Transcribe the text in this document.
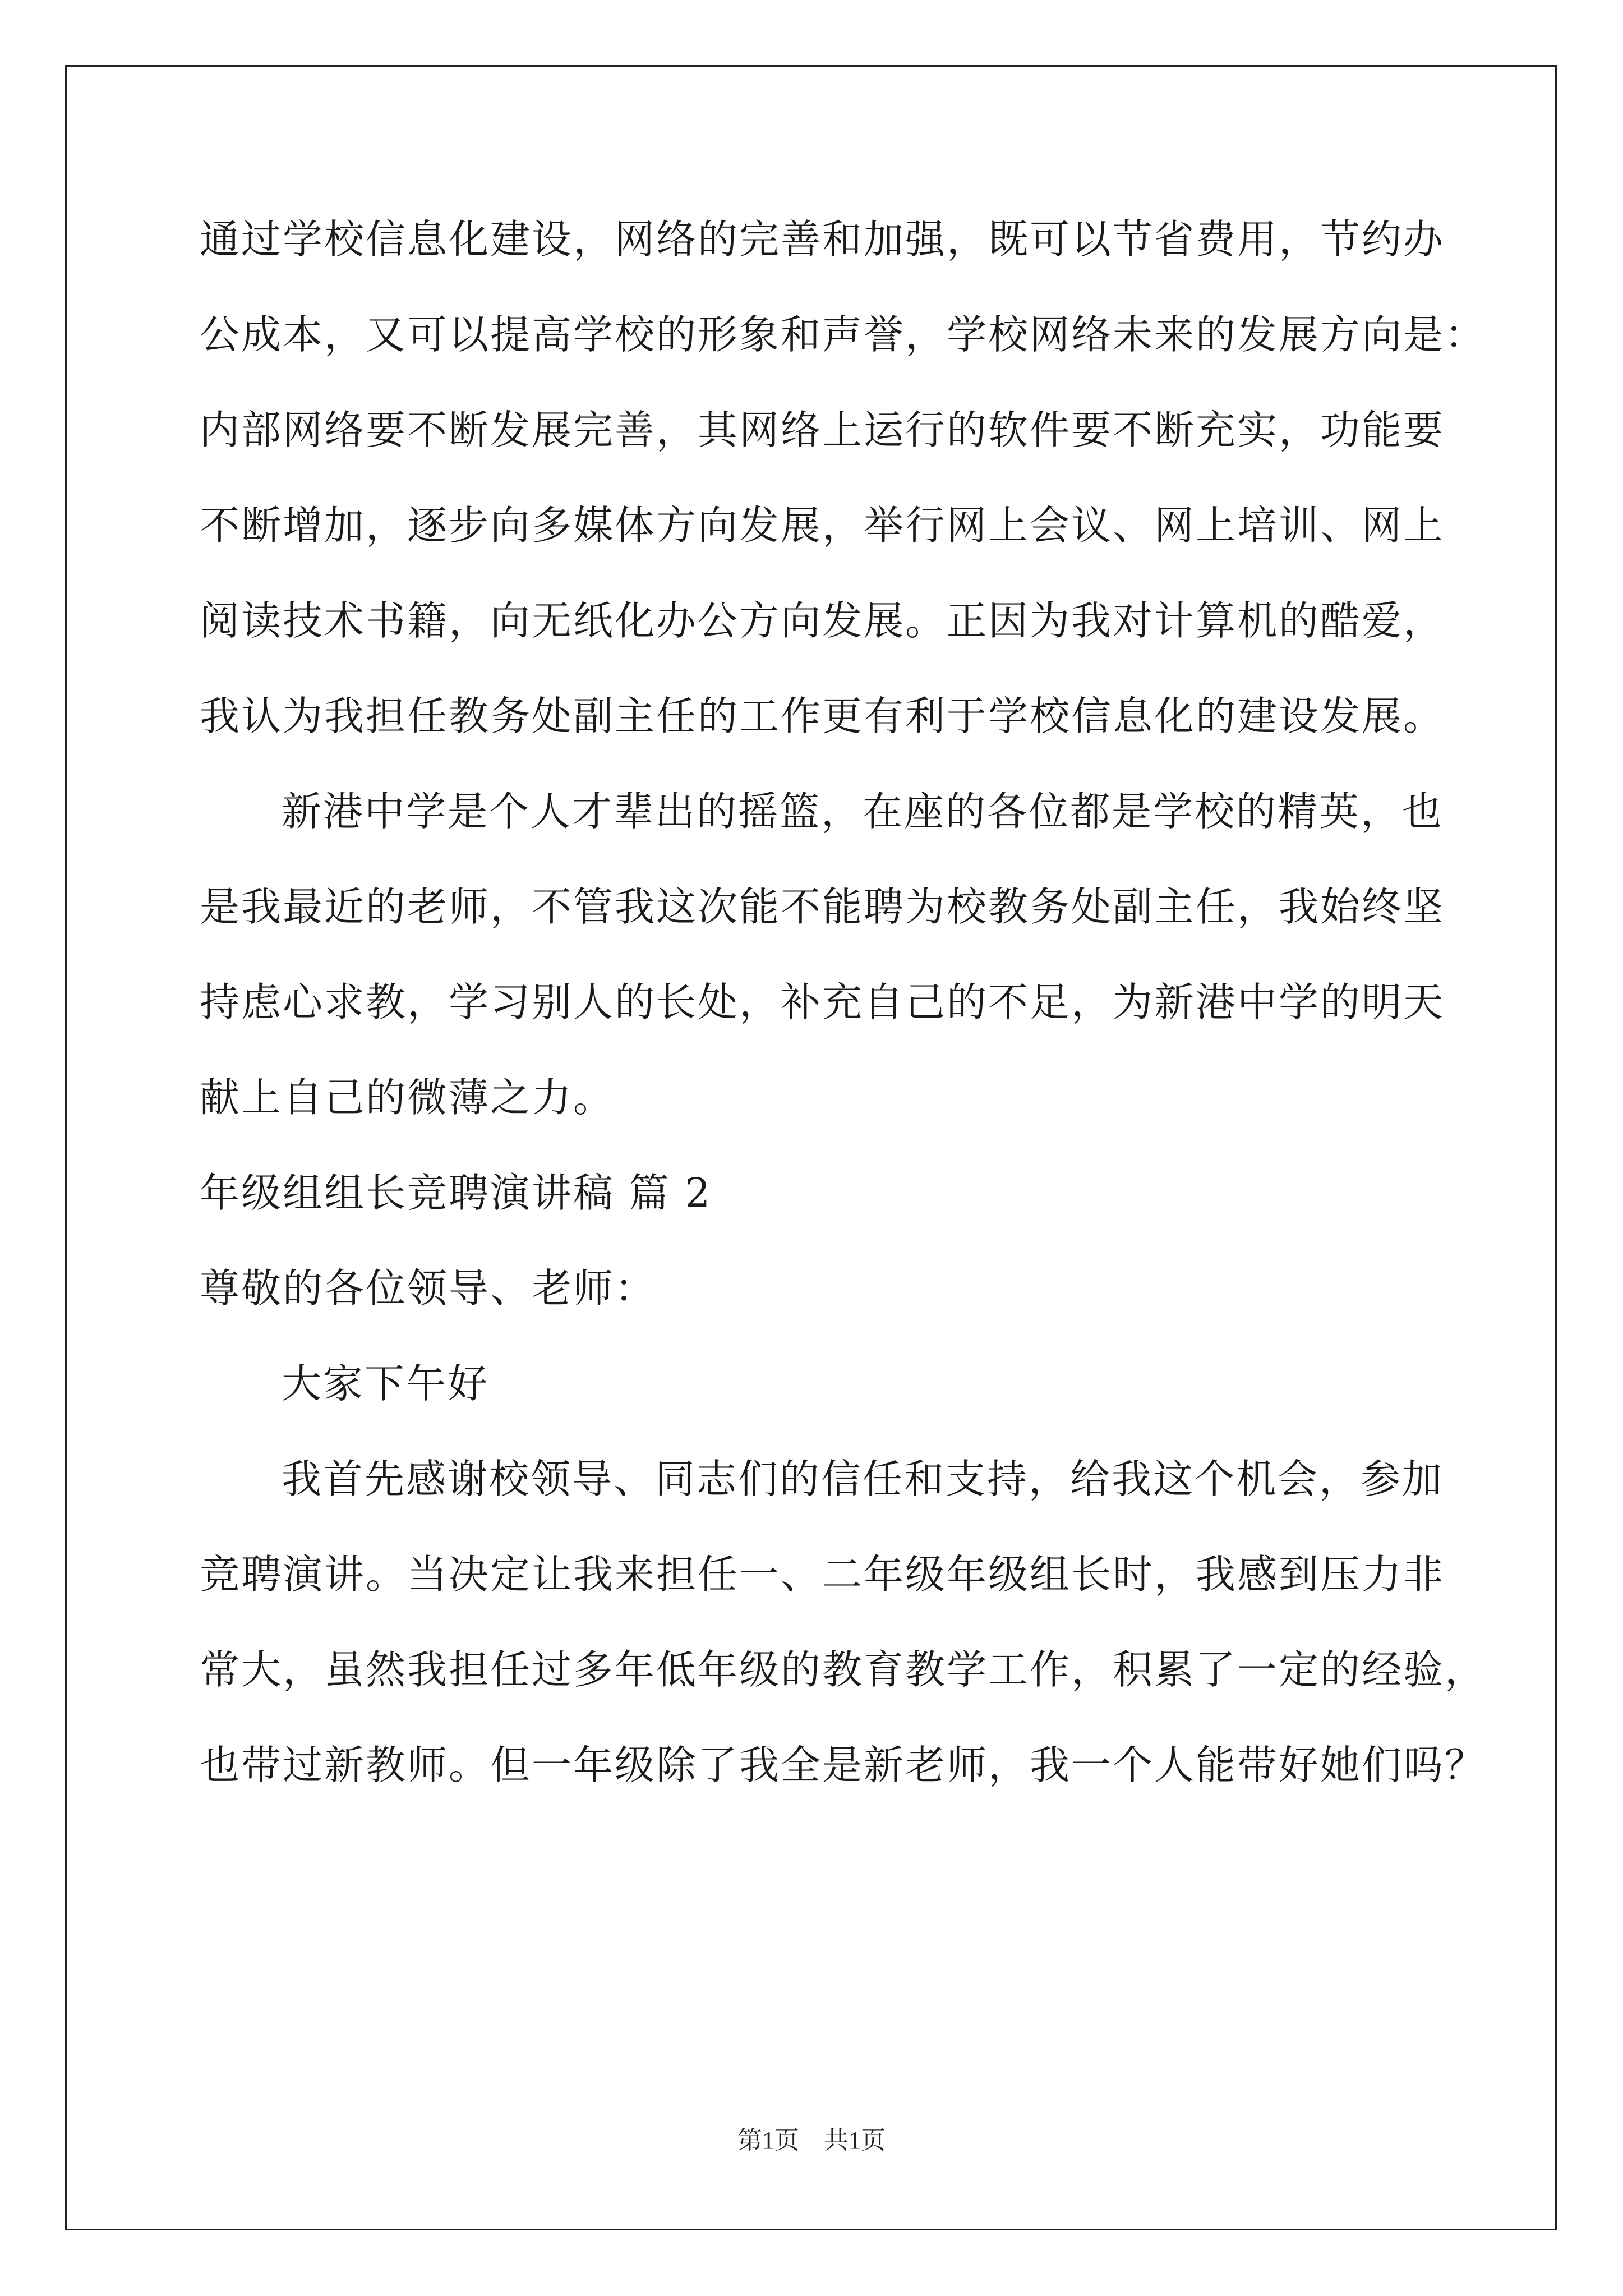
通过学校信息化建设，网络的完善和加强，既可以节省费用，节约办
公成本，又可以提高学校的形象和声誉，学校网络未来的发展方向是：
内部网络要不断发展完善，其网络上运行的软件要不断充实，功能要
不断增加，逐步向多媒体方向发展，举行网上会议、网上培训、网上
阅读技术书籍，向无纸化办公方向发展。正因为我对计算机的酷爱，
我认为我担任教务处副主任的工作更有利于学校信息化的建设发展。
新港中学是个人才辈出的摇篮，在座的各位都是学校的精英，也
是我最近的老师，不管我这次能不能聘为校教务处副主任，我始终坚
持虑心求教，学习别人的长处，补充自己的不足，为新港中学的明天
献上自己的微薄之力。
年级组组长竞聘演讲稿 篇 2
尊敬的各位领导、老师：
大家下午好
我首先感谢校领导、同志们的信任和支持，给我这个机会，参加
竞聘演讲。当决定让我来担任一、二年级年级组长时，我感到压力非
常大，虽然我担任过多年低年级的教育教学工作，积累了一定的经验，
也带过新教师。但一年级除了我全是新老师，我一个人能带好她们吗？
第1页 共1页
